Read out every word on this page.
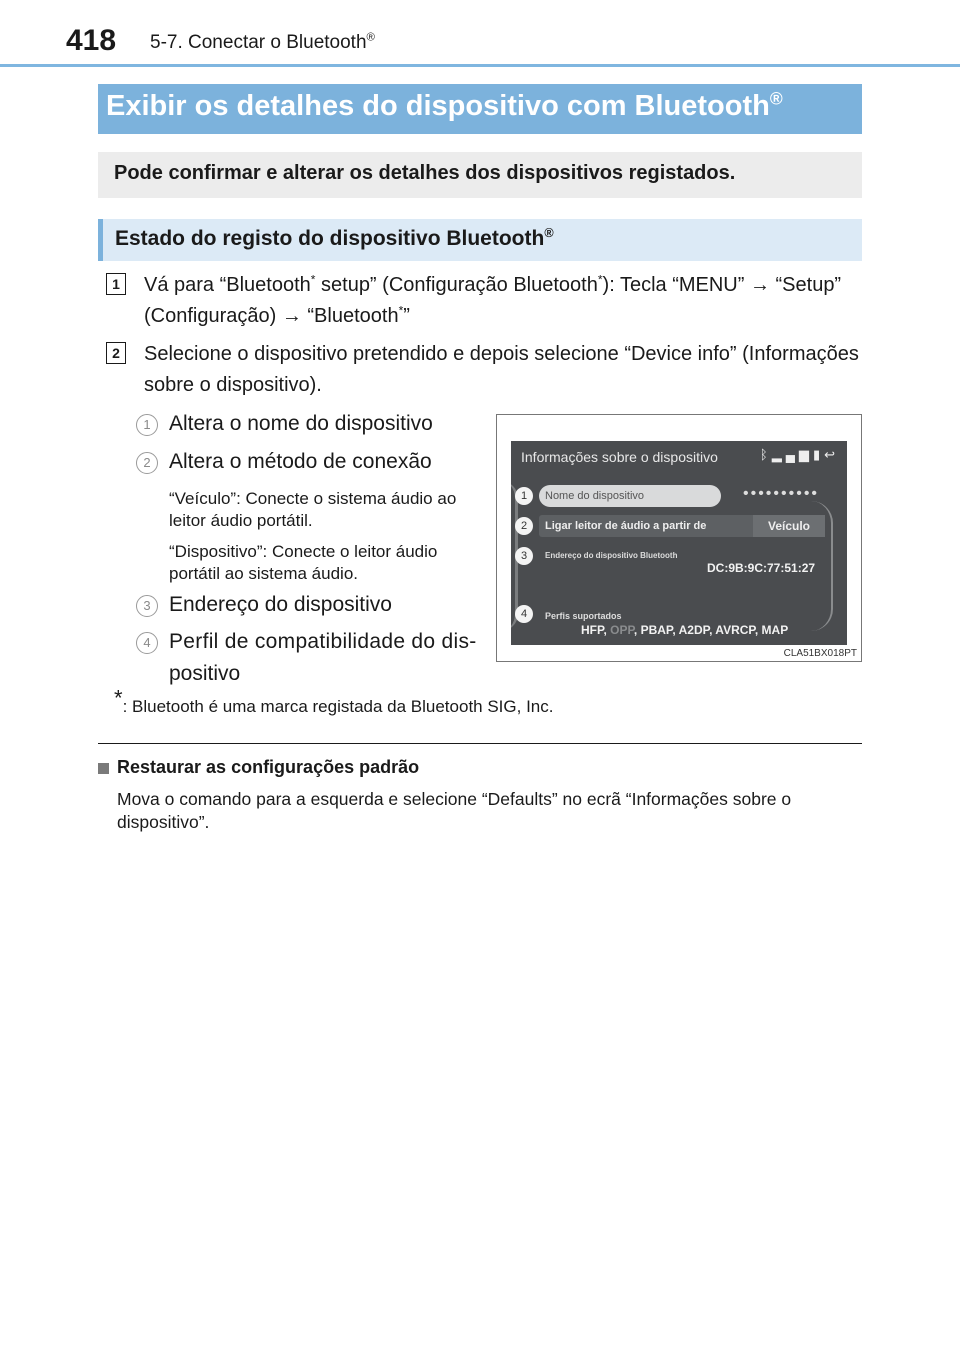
418 5-7. Conectar o Bluetooth®
Exibir os detalhes do dispositivo com Bluetooth®
Pode confirmar e alterar os detalhes dos dispositivos registados.
Estado do registo do dispositivo Bluetooth®
1	Vá para “Bluetooth* setup” (Configuração Bluetooth*): Tecla “MENU” → “Setup” (Configuração) → “Bluetooth*”
2	Selecione o dispositivo pretendido e depois selecione “Device info” (Informações sobre o dispositivo).
1 Altera o nome do dispositivo
2 Altera o método de conexão
“Veículo”: Conecte o sistema áudio ao leitor áudio portátil.
“Dispositivo”: Conecte o leitor áudio portátil ao sistema áudio.
3 Endereço do dispositivo
4 Perfil de compatibilidade do dis-
positivo
Informações sobre o dispositivo	ᛒ▂▄▆▮↩
Nome do dispositivo	••••••••••
Ligar leitor de áudio a partir de	Veículo
Endereço do dispositivo Bluetooth
DC:9B:9C:77:51:27
Perfis suportados
HFP, OPP, PBAP, A2DP, AVRCP, MAP
1
2
3
4
CLA51BX018PT
*: Bluetooth é uma marca registada da Bluetooth SIG, Inc.
Restaurar as configurações padrão
Mova o comando para a esquerda e selecione “Defaults” no ecrã “Informações sobre o dispositivo”.
